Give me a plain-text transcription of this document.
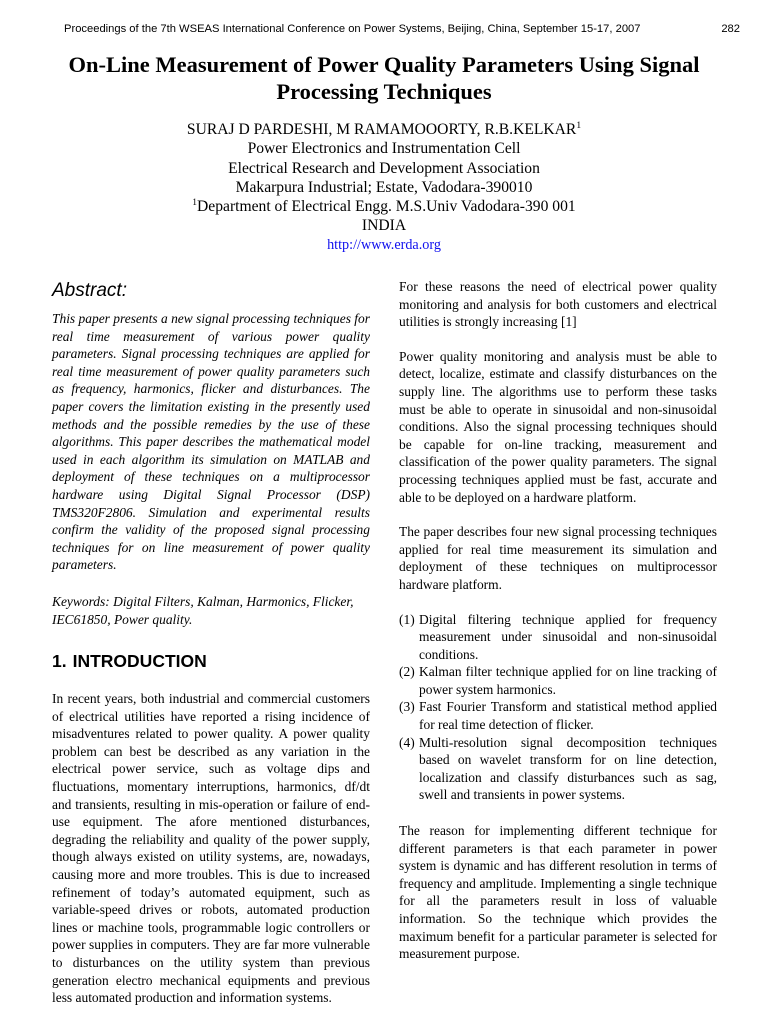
Proceedings of the 7th WSEAS International Conference on Power Systems, Beijing, China, September 15-17, 2007	282
On-Line Measurement of Power Quality Parameters Using Signal
Processing Techniques
SURAJ D PARDESHI, M RAMAMOOORTY, R.B.KELKAR$^1$
Power Electronics and Instrumentation Cell
Electrical Research and Development Association
Makarpura Industrial; Estate, Vadodara-390010
$^1$Department of Electrical Engg. M.S.Univ Vadodara-390 001
INDIA
http://www.erda.org
Abstract:

This paper presents a new signal processing techniques for real time measurement of various power quality parameters. Signal processing techniques are applied for real time measurement of power quality parameters such as frequency, harmonics, flicker and disturbances. The paper covers the limitation existing in the presently used methods and the possible remedies by the use of these algorithms. This paper describes the mathematical model used in each algorithm its simulation on MATLAB and deployment of these techniques on a multiprocessor hardware using Digital Signal Processor (DSP) TMS320F2806. Simulation and experimental results confirm the validity of the proposed signal processing techniques for on line measurement of power quality parameters.

Keywords: Digital Filters, Kalman, Harmonics, Flicker, IEC61850, Power quality.

1. INTRODUCTION

In recent years, both industrial and commercial customers of electrical utilities have reported a rising incidence of misadventures related to power quality. A power quality problem can best be described as any variation in the electrical power service, such as voltage dips and fluctuations, momentary interruptions, harmonics, df/dt and transients, resulting in mis-operation or failure of end-use equipment. The afore mentioned disturbances, degrading the reliability and quality of the power supply, though always existed on utility systems, are, nowadays, causing more and more troubles. This is due to increased refinement of today’s automated equipment, such as variable-speed drives or robots, automated production lines or machine tools, programmable logic controllers or power supplies in computers. They are far more vulnerable to disturbances on the utility system than previous generation electro mechanical equipments and previous less automated production and information systems.

For these reasons the need of electrical power quality monitoring and analysis for both customers and electrical utilities is strongly increasing [1]

Power quality monitoring and analysis must be able to detect, localize, estimate and classify disturbances on the supply line. The algorithms use to perform these tasks must be able to operate in sinusoidal and non-sinusoidal conditions. Also the signal processing techniques should be capable for on-line tracking, measurement and classification of the power quality parameters. The signal processing techniques applied must be fast, accurate and able to be deployed on a hardware platform.

The paper describes four new signal processing techniques applied for real time measurement its simulation and deployment of these techniques on multiprocessor hardware platform.

(1) Digital filtering technique applied for frequency measurement under sinusoidal and non-sinusoidal conditions.
(2) Kalman filter technique applied for on line tracking of power system harmonics.
(3) Fast Fourier Transform and statistical method applied for real time detection of flicker.
(4) Multi-resolution signal decomposition techniques based on wavelet transform for on line detection, localization and classify disturbances such as sag, swell and transients in power systems.

The reason for implementing different technique for different parameters is that each parameter in power system is dynamic and has different resolution in terms of frequency and amplitude. Implementing a single technique for all the parameters result in loss of valuable information. So the technique which provides the maximum benefit for a particular parameter is selected for measurement purpose.
